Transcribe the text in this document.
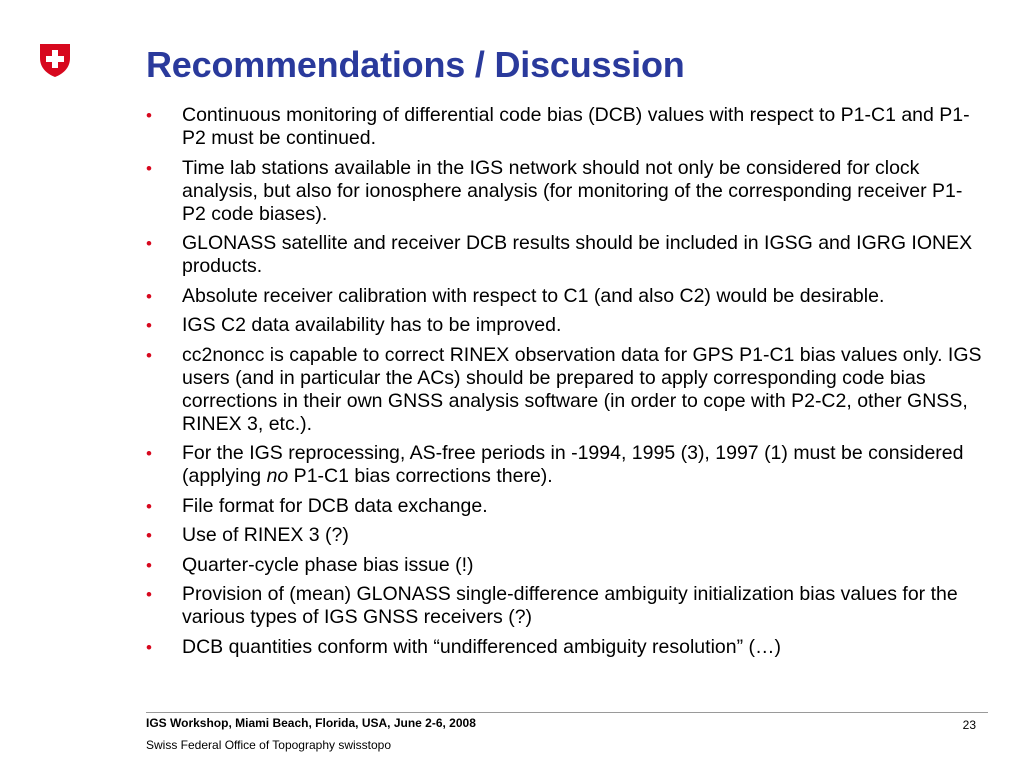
Recommendations / Discussion
• Continuous monitoring of differential code bias (DCB) values with respect to P1-C1 and P1-P2 must be continued.
• Time lab stations available in the IGS network should not only be considered for clock analysis, but also for ionosphere analysis (for monitoring of the corresponding receiver P1-P2 code biases).
• GLONASS satellite and receiver DCB results should be included in IGSG and IGRG IONEX products.
• Absolute receiver calibration with respect to C1 (and also C2) would be desirable.
• IGS C2 data availability has to be improved.
• cc2noncc is capable to correct RINEX observation data for GPS P1-C1 bias values only. IGS users (and in particular the ACs) should be prepared to apply corresponding code bias corrections in their own GNSS analysis software (in order to cope with P2-C2, other GNSS, RINEX 3, etc.).
• For the IGS reprocessing, AS-free periods in -1994, 1995 (3), 1997 (1) must be considered (applying no P1-C1 bias corrections there).
• File format for DCB data exchange.
• Use of RINEX 3 (?)
• Quarter-cycle phase bias issue (!)
• Provision of (mean) GLONASS single-difference ambiguity initialization bias values for the various types of IGS GNSS receivers (?)
• DCB quantities conform with “undifferenced ambiguity resolution” (…)
IGS Workshop, Miami Beach, Florida, USA, June 2-6, 2008
Swiss Federal Office of Topography swisstopo
23
